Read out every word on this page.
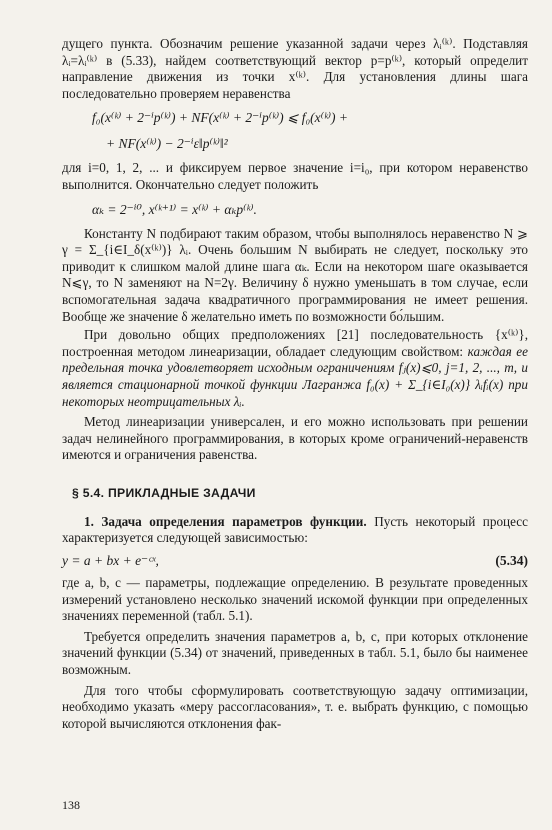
дущего пункта. Обозначим решение указанной задачи через λᵢ⁽ᵏ⁾. Подставляя λᵢ=λᵢ⁽ᵏ⁾ в (5.33), найдем соответствующий вектор p=p⁽ᵏ⁾, который определит направление движения из точки x⁽ᵏ⁾. Для установления длины шага последовательно проверяем неравенства

f₀(x⁽ᵏ⁾ + 2⁻ⁱp⁽ᵏ⁾) + NF(x⁽ᵏ⁾ + 2⁻ⁱp⁽ᵏ⁾) ⩽ f₀(x⁽ᵏ⁾) +
+ NF(x⁽ᵏ⁾) − 2⁻ⁱε‖p⁽ᵏ⁾‖²

для i=0, 1, 2, ... и фиксируем первое значение i=i₀, при котором неравенство выполнится. Окончательно следует положить

αₖ = 2⁻ⁱ⁰, x⁽ᵏ⁺¹⁾ = x⁽ᵏ⁾ + αₖp⁽ᵏ⁾.

Константу N подбирают таким образом, чтобы выполнялось неравенство N ⩾ γ = Σ_{i∈I_δ(x⁽ᵏ⁾)} λᵢ. Очень большим N выбирать не следует, поскольку это приводит к слишком малой длине шага αₖ. Если на некотором шаге оказывается N⩽γ, то N заменяют на N=2γ. Величину δ нужно уменьшать в том случае, если вспомогательная задача квадратичного программирования не имеет решения. Вообще же значение δ желательно иметь по возможности бо́льшим.

При довольно общих предположениях [21] последовательность {x⁽ᵏ⁾}, построенная методом линеаризации, обладает следующим свойством: каждая ее предельная точка удовлетворяет исходным ограничениям fⱼ(x)⩽0, j=1, 2, ..., m, и является стационарной точкой функции Лагранжа f₀(x) + Σ_{i∈I₀(x)} λᵢfᵢ(x) при некоторых неотрицательных λᵢ.

Метод линеаризации универсален, и его можно использовать при решении задач нелинейного программирования, в которых кроме ограничений-неравенств имеются и ограничения равенства.

§ 5.4. ПРИКЛАДНЫЕ ЗАДАЧИ

1. Задача определения параметров функции. Пусть некоторый процесс характеризуется следующей зависимостью:

y = a + bx + e⁻ᶜˣ,	(5.34)

где a, b, c — параметры, подлежащие определению. В результате проведенных измерений установлено несколько значений искомой функции при определенных значениях переменной (табл. 5.1).

Требуется определить значения параметров a, b, c, при которых отклонение значений функции (5.34) от значений, приведенных в табл. 5.1, было бы наименее возможным.

Для того чтобы сформулировать соответствующую задачу оптимизации, необходимо указать «меру рассогласования», т. е. выбрать функцию, с помощью которой вычисляются отклонения фак-

138
